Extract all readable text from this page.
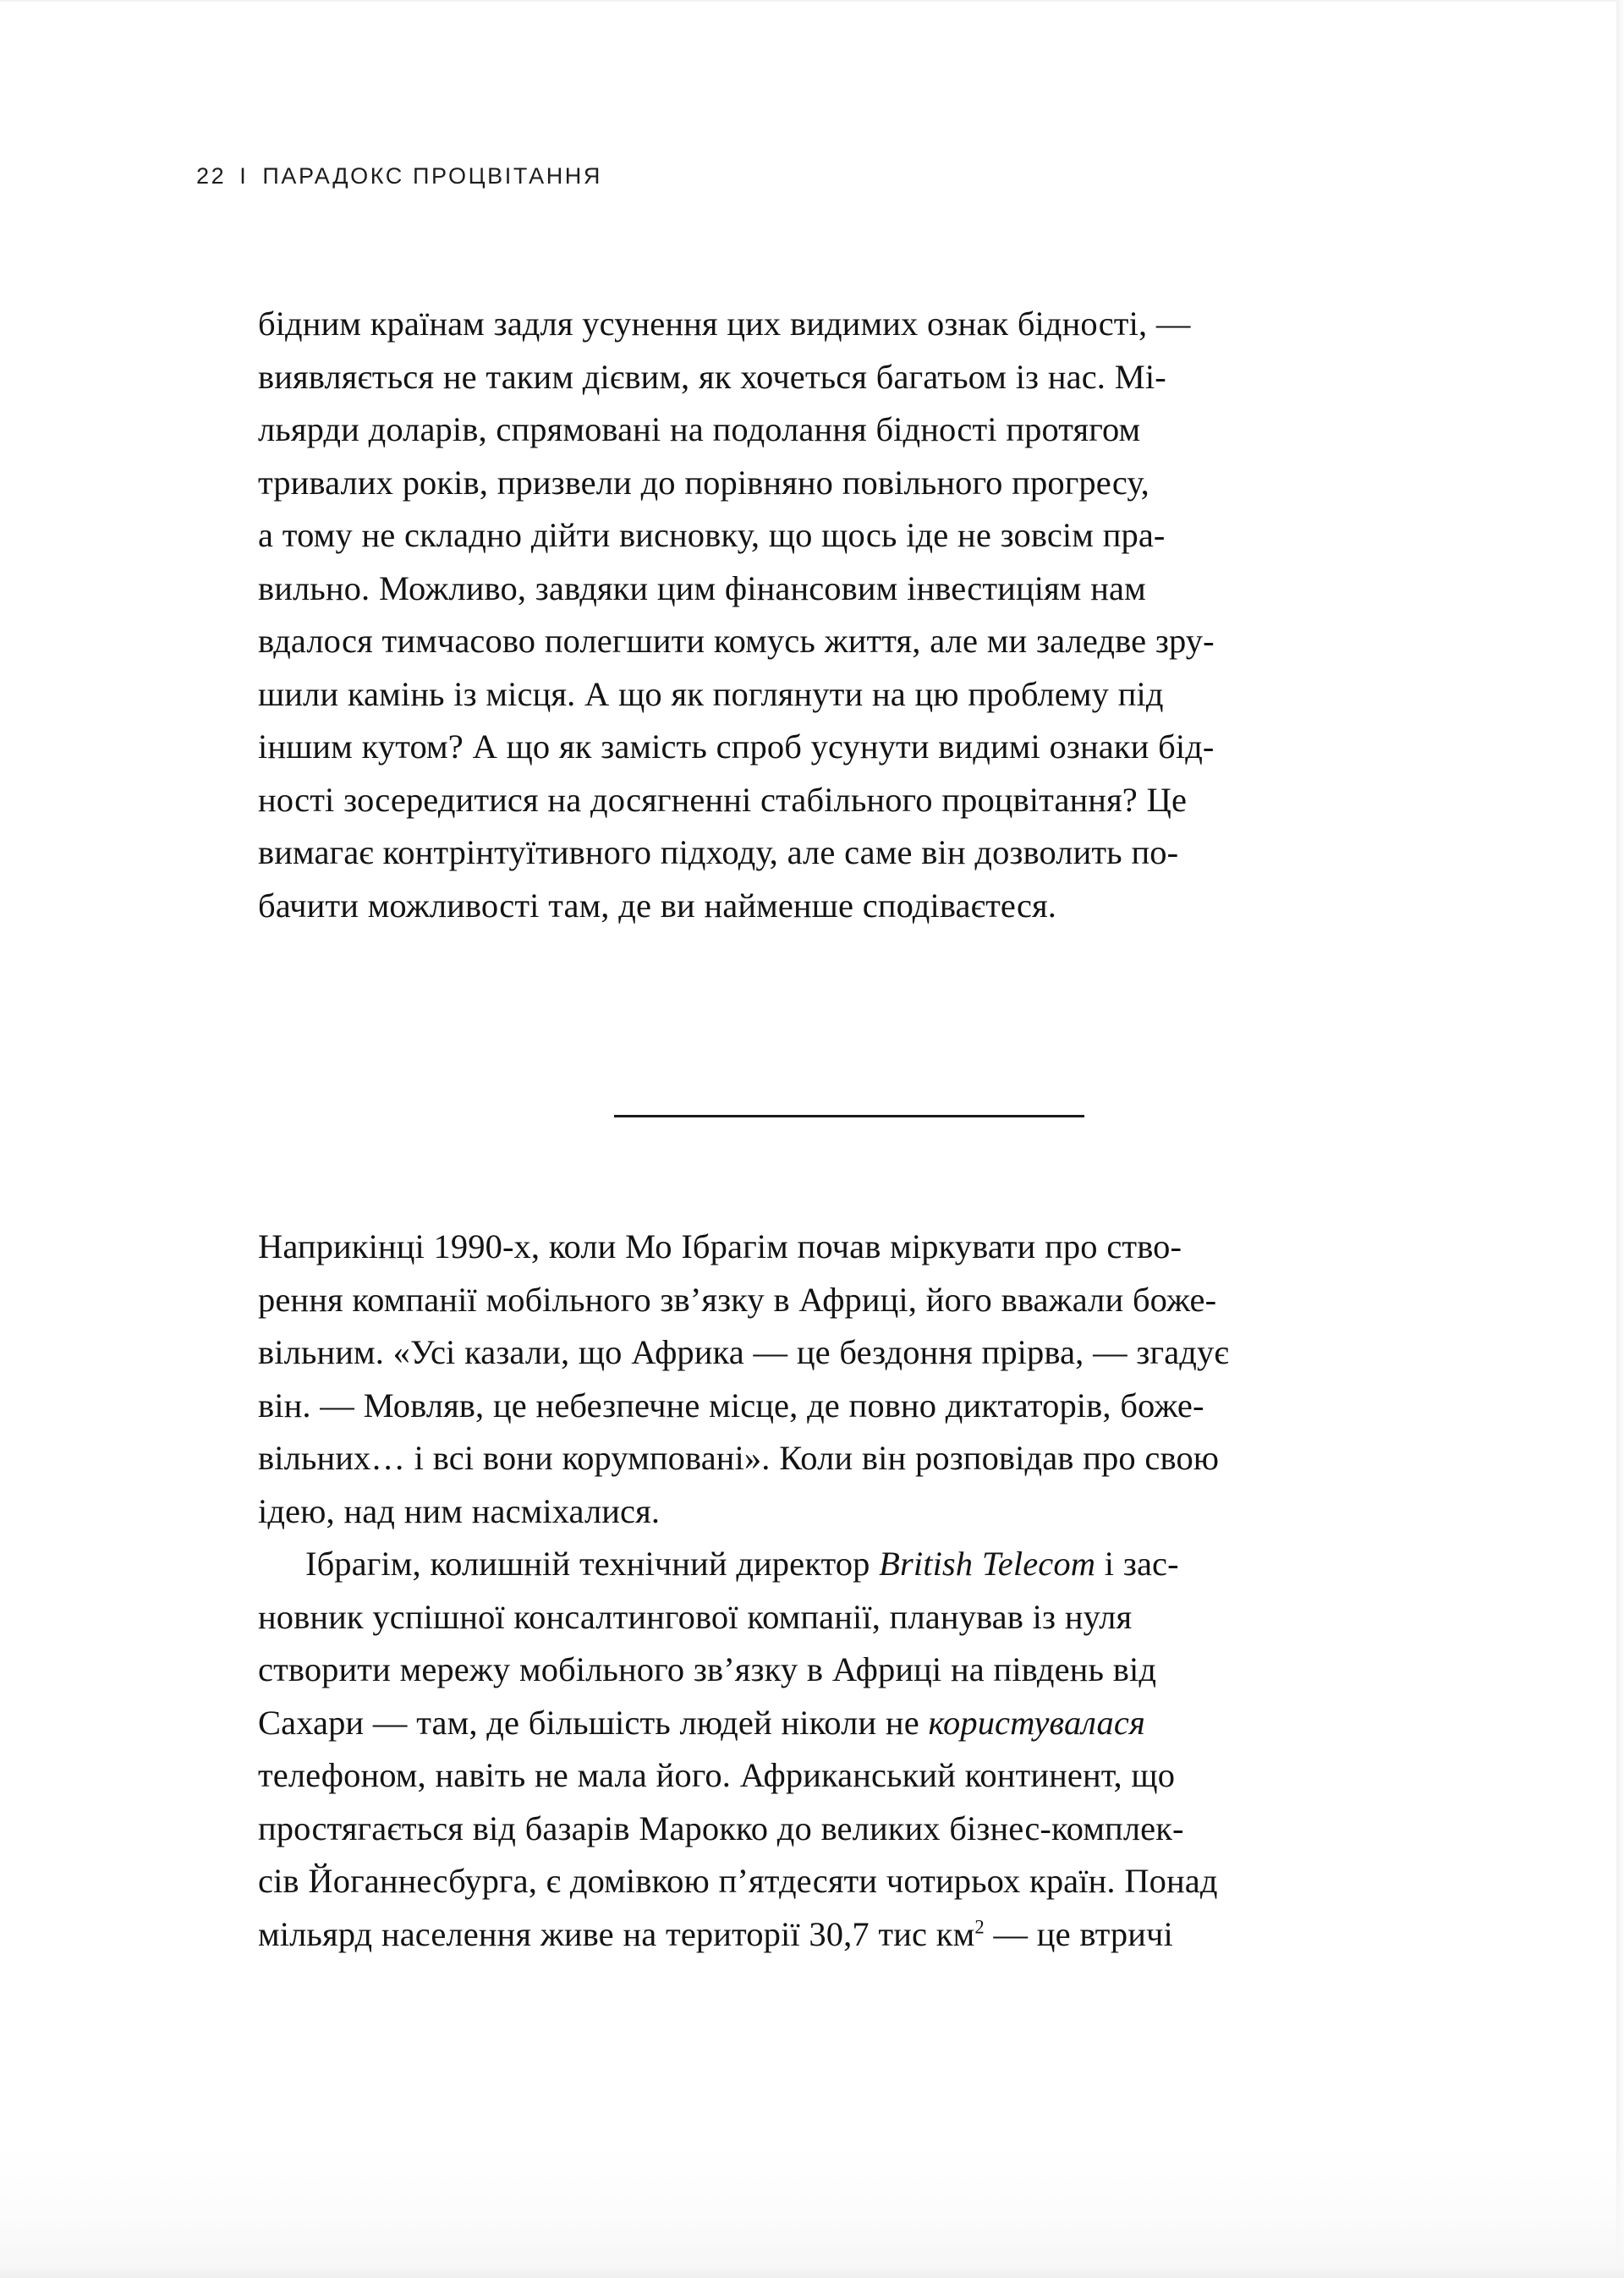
22 I ПАРАДОКС ПРОЦВІТАННЯ

бідним країнам задля усунення цих видимих ознак бідності, —
виявляється не таким дієвим, як хочеться багатьом із нас. Мі-
льярди доларів, спрямовані на подолання бідності протягом
тривалих років, призвели до порівняно повільного прогресу,
а тому не складно дійти висновку, що щось іде не зовсім пра-
вильно. Можливо, завдяки цим фінансовим інвестиціям нам
вдалося тимчасово полегшити комусь життя, але ми заледве зру-
шили камінь із місця. А що як поглянути на цю проблему під
іншим кутом? А що як замість спроб усунути видимі ознаки бід-
ності зосередитися на досягненні стабільного процвітання? Це
вимагає контрінтуїтивного підходу, але саме він дозволить по-
бачити можливості там, де ви найменше сподіваєтеся.

Наприкінці 1990-х, коли Мо Ібрагім почав міркувати про ство-
рення компанії мобільного зв’язку в Африці, його вважали боже-
вільним. «Усі казали, що Африка — це бездоння прірва, — згадує
він. — Мовляв, це небезпечне місце, де повно диктаторів, боже-
вільних… і всі вони корумповані». Коли він розповідав про свою
ідею, над ним насміхалися.

Ібрагім, колишній технічний директор British Telecom і зас-
новник успішної консалтингової компанії, планував із нуля
створити мережу мобільного зв’язку в Африці на південь від
Сахари — там, де більшість людей ніколи не користувалася
телефоном, навіть не мала його. Африканський континент, що
простягається від базарів Марокко до великих бізнес-комплек-
сів Йоганнесбурга, є домівкою п’ятдесяти чотирьох країн. Понад
мільярд населення живе на території 30,7 тис $км^2$ — це втричі
